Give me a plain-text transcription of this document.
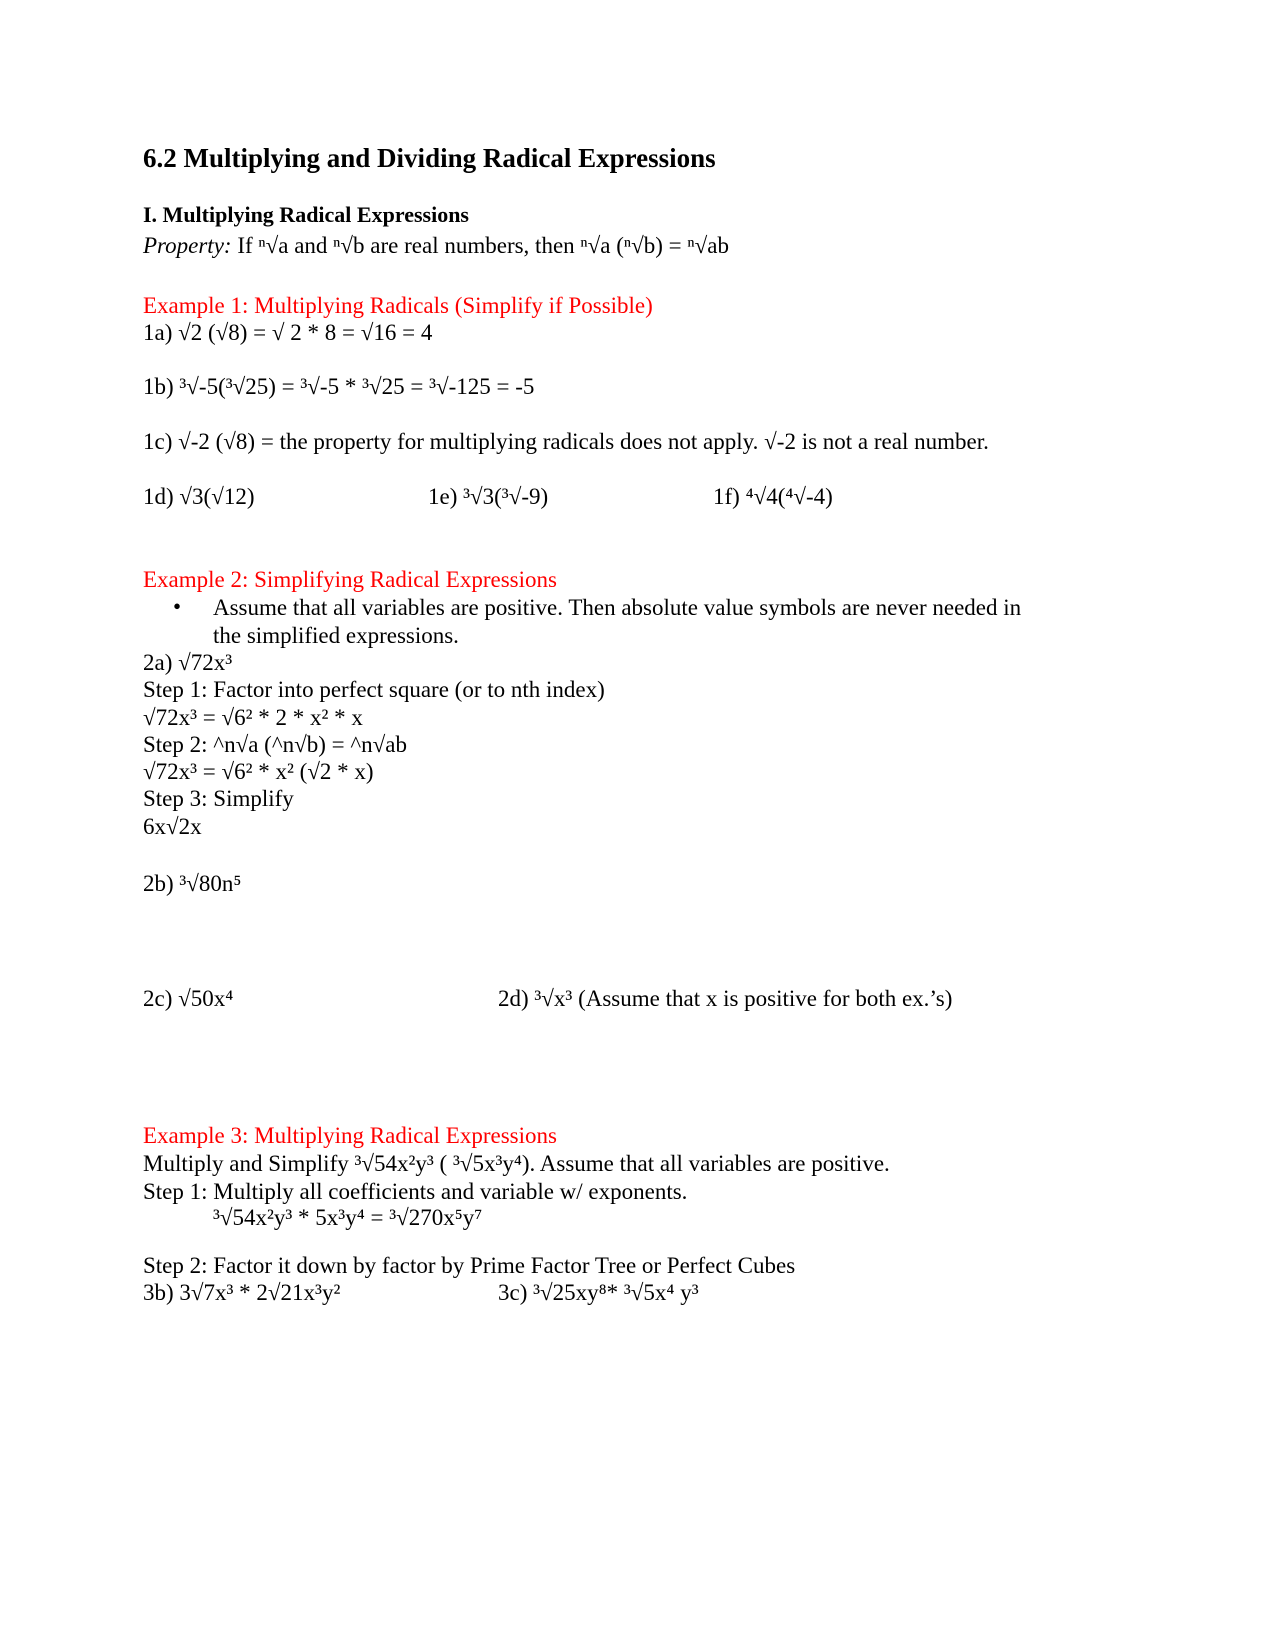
6.2 Multiplying and Dividing Radical Expressions
I. Multiplying Radical Expressions
Property: If ⁿ√a and ⁿ√b are real numbers, then ⁿ√a (ⁿ√b) = ⁿ√ab
Example 1: Multiplying Radicals (Simplify if Possible)
1a) √2 (√8) = √ 2 * 8 = √16 = 4
1b) ³√-5(³√25) = ³√-5 * ³√25 = ³√-125 = -5
1c) √-2 (√8) = the property for multiplying radicals does not apply. √-2 is not a real number.
1d) √3(√12)	1e) ³√3(³√-9)	1f) ⁴√4(⁴√-4)
Example 2: Simplifying Radical Expressions
• Assume that all variables are positive. Then absolute value symbols are never needed in
the simplified expressions.
2a) √72x³
Step 1: Factor into perfect square (or to nth index)
√72x³ = √6² * 2 * x² * x
Step 2: ^n√a (^n√b) = ^n√ab
√72x³ = √6² * x² (√2 * x)
Step 3: Simplify
6x√2x
2b) ³√80n⁵
2c) √50x⁴	2d) ³√x³ (Assume that x is positive for both ex.’s)
Example 3: Multiplying Radical Expressions
Multiply and Simplify ³√54x²y³ ( ³√5x³y⁴). Assume that all variables are positive.
Step 1: Multiply all coefficients and variable w/ exponents.
³√54x²y³ * 5x³y⁴ = ³√270x⁵y⁷
Step 2: Factor it down by factor by Prime Factor Tree or Perfect Cubes
3b) 3√7x³ * 2√21x³y²	3c) ³√25xy⁸* ³√5x⁴ y³
